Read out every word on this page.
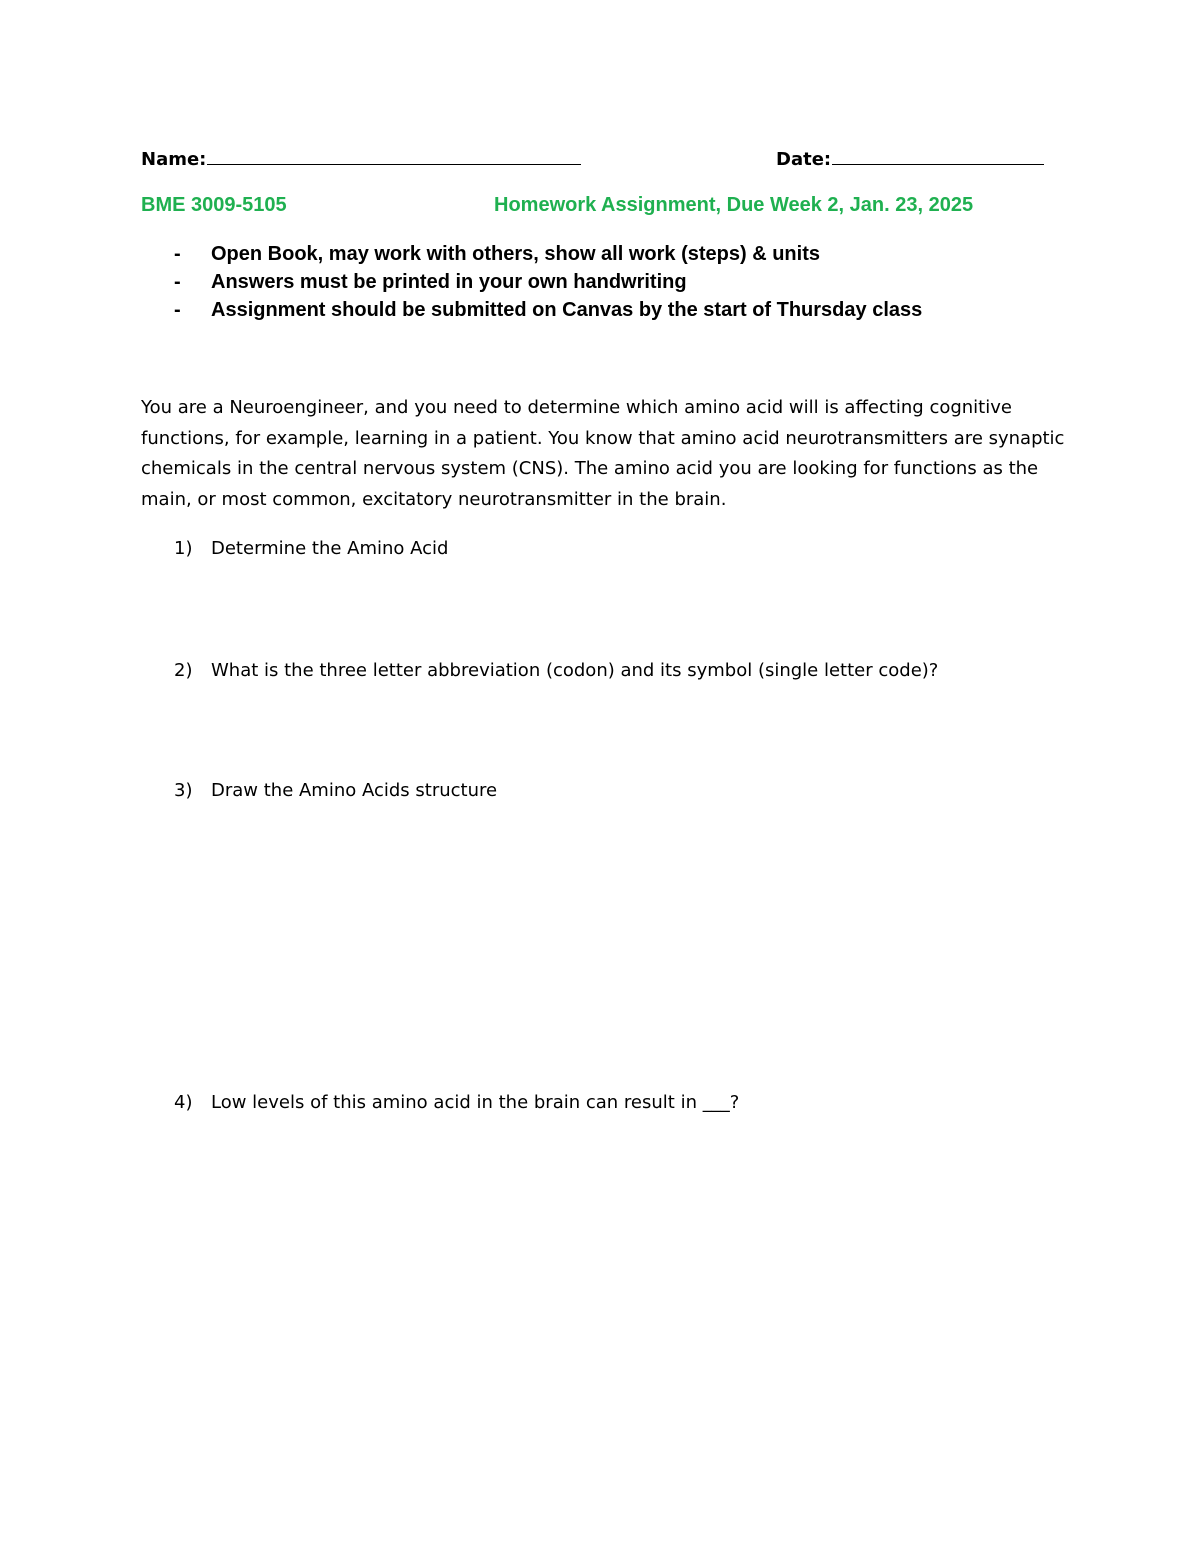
Name:	Date:
BME 3009-5105	Homework Assignment, Due Week 2, Jan. 23, 2025
- Open Book, may work with others, show all work (steps) & units
- Answers must be printed in your own handwriting
- Assignment should be submitted on Canvas by the start of Thursday class

You are a Neuroengineer, and you need to determine which amino acid will is affecting cognitive functions, for example, learning in a patient. You know that amino acid neurotransmitters are synaptic chemicals in the central nervous system (CNS). The amino acid you are looking for functions as the main, or most common, excitatory neurotransmitter in the brain.

1) Determine the Amino Acid
2) What is the three letter abbreviation (codon) and its symbol (single letter code)?
3) Draw the Amino Acids structure
4) Low levels of this amino acid in the brain can result in ___?
